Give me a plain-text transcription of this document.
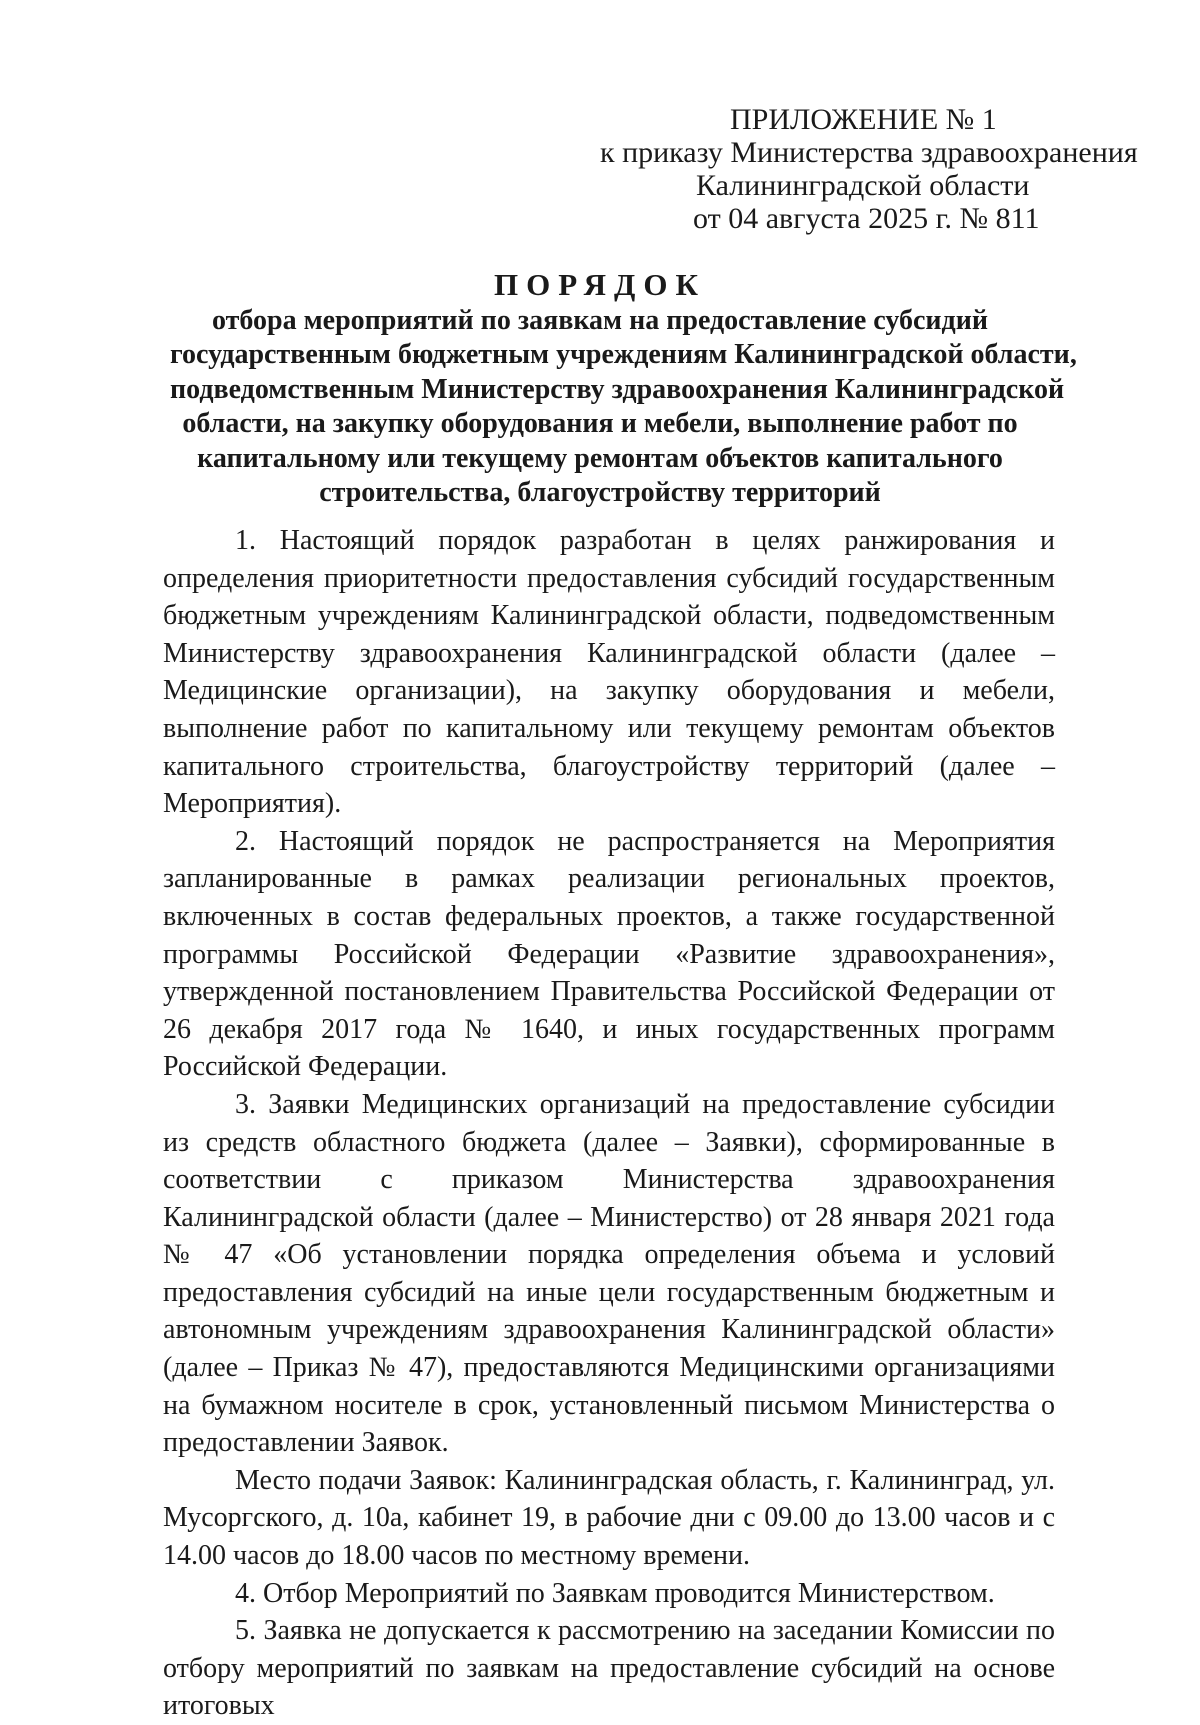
ПРИЛОЖЕНИЕ № 1
к приказу Министерства здравоохранения
Калининградской области
от 04 августа 2025 г. № 811
ПОРЯДОК
отбора мероприятий по заявкам на предоставление субсидий
государственным бюджетным учреждениям Калининградской области,
подведомственным Министерству здравоохранения Калининградской
области, на закупку оборудования и мебели, выполнение работ по
капитальному или текущему ремонтам объектов капитального
строительства, благоустройству территорий

1. Настоящий порядок разработан в целях ранжирования и определения приоритетности предоставления субсидий государственным бюджетным учреждениям Калининградской области, подведомственным Министерству здравоохранения Калининградской области (далее – Медицинские организации), на закупку оборудования и мебели, выполнение работ по капитальному или текущему ремонтам объектов капитального строительства, благоустройству территорий (далее – Мероприятия).

2. Настоящий порядок не распространяется на Мероприятия запланированные в рамках реализации региональных проектов, включенных в состав федеральных проектов, а также государственной программы Российской Федерации «Развитие здравоохранения», утвержденной постановлением Правительства Российской Федерации от 26 декабря 2017 года № 1640, и иных государственных программ Российской Федерации.

3. Заявки Медицинских организаций на предоставление субсидии из средств областного бюджета (далее – Заявки), сформированные в соответствии с приказом Министерства здравоохранения Калининградской области (далее – Министерство) от 28 января 2021 года № 47 «Об установлении порядка определения объема и условий предоставления субсидий на иные цели государственным бюджетным и автономным учреждениям здравоохранения Калининградской области» (далее – Приказ № 47), предоставляются Медицинскими организациями на бумажном носителе в срок, установленный письмом Министерства о предоставлении Заявок.

Место подачи Заявок: Калининградская область, г. Калининград, ул. Мусоргского, д. 10а, кабинет 19, в рабочие дни с 09.00 до 13.00 часов и с 14.00 часов до 18.00 часов по местному времени.

4. Отбор Мероприятий по Заявкам проводится Министерством.

5. Заявка не допускается к рассмотрению на заседании Комиссии по отбору мероприятий по заявкам на предоставление субсидий на основе итоговых
